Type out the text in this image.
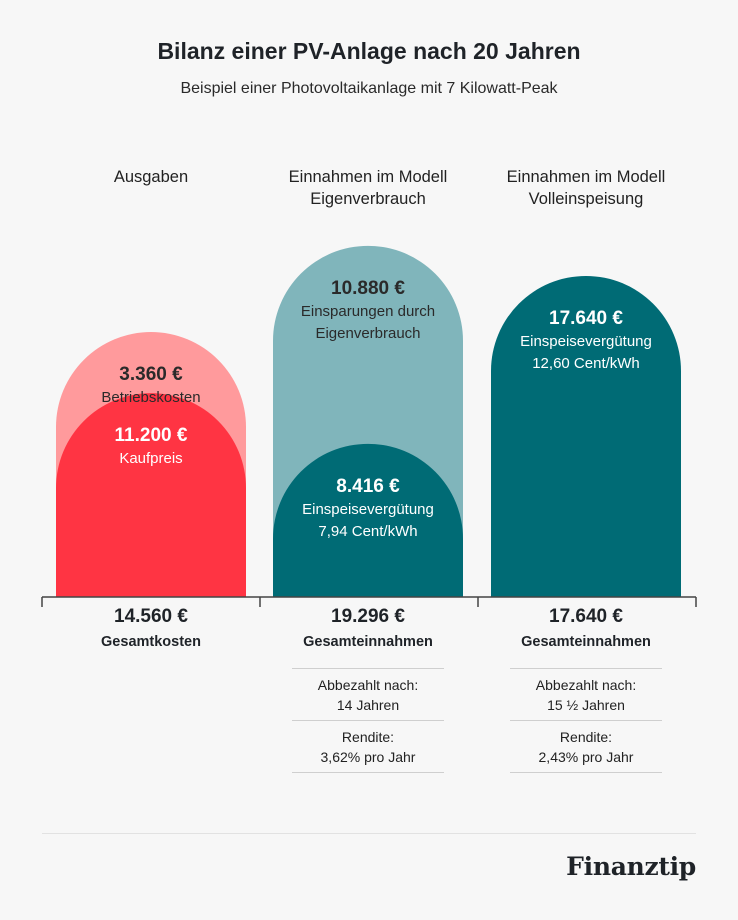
Bilanz einer PV-Anlage nach 20 Jahren
Beispiel einer Photovoltaikanlage mit 7 Kilowatt-Peak
Ausgaben	Einnahmen im Modell
Eigenverbrauch
Einnahmen im Modell
Volleinspeisung
11.200 €
Kaufpreis
3.360 €
Betriebskosten
8.416 €
Einspeisevergütung
7,94 Cent/kWh
10.880 €
Einsparungen durch
Eigenverbrauch
17.640 €
Einspeisevergütung
12,60 Cent/kWh
14.560 €
Gesamtkosten
19.296 €
Gesamteinnahmen
17.640 €
Gesamteinnahmen
Abbezahlt nach:
14 Jahren
Rendite:
3,62% pro Jahr
Abbezahlt nach:
15 ½ Jahren
Rendite:
2,43% pro Jahr
Finanztip
